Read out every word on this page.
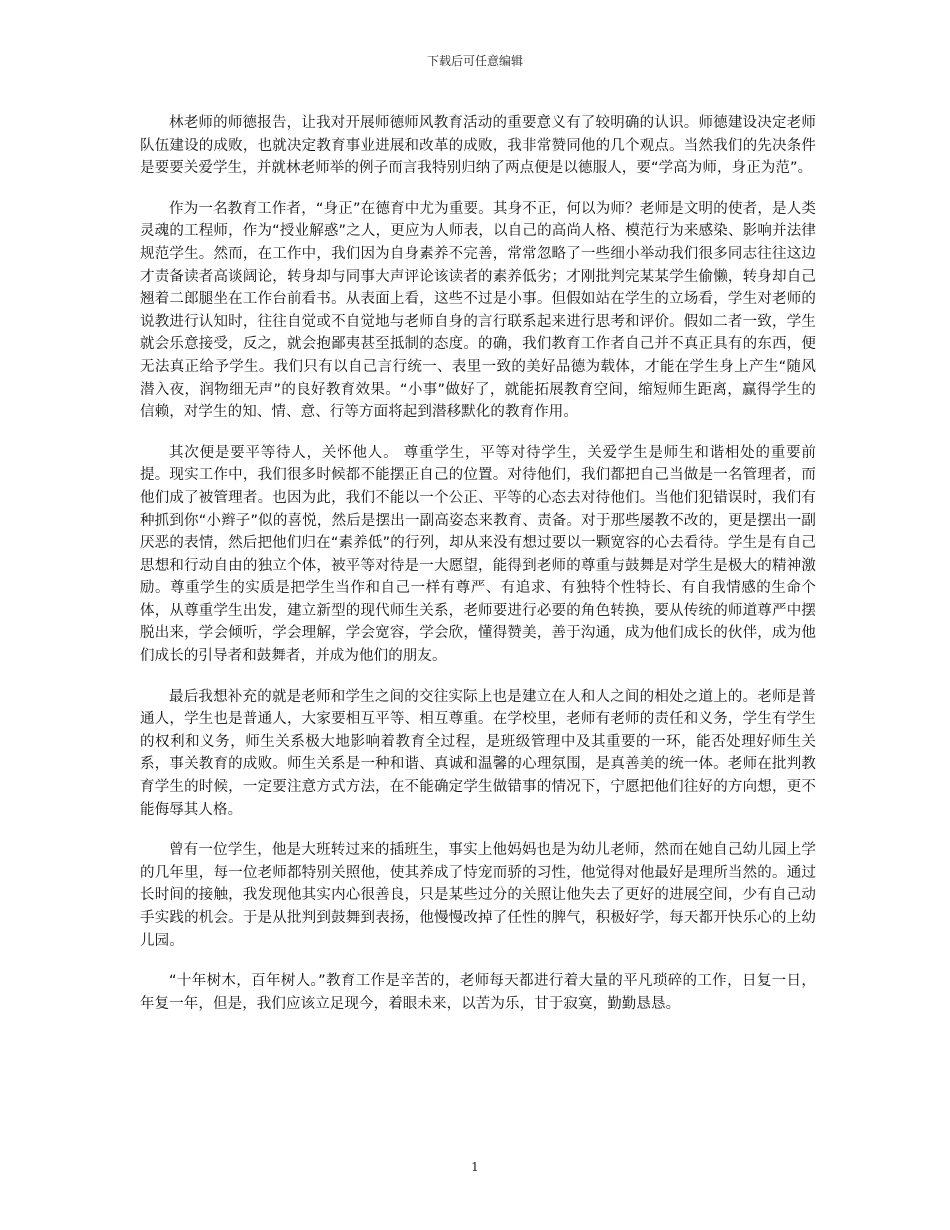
下载后可任意编辑

林老师的师德报告，让我对开展师德师风教育活动的重要意义有了较明确的认识。师德建设决定老师队伍建设的成败，也就决定教育事业进展和改革的成败，我非常赞同他的几个观点。当然我们的先决条件是要要关爱学生，并就林老师举的例子而言我特别归纳了两点便是以德服人，要“学高为师，身正为范”。

作为一名教育工作者，“身正”在德育中尤为重要。其身不正，何以为师？老师是文明的使者，是人类灵魂的工程师，作为“授业解惑”之人，更应为人师表，以自己的高尚人格、模范行为来感染、影响并法律规范学生。然而，在工作中，我们因为自身素养不完善，常常忽略了一些细小举动我们很多同志往往这边才责备读者高谈阔论，转身却与同事大声评论该读者的素养低劣；才刚批判完某某学生偷懒，转身却自己翘着二郎腿坐在工作台前看书。从表面上看，这些不过是小事。但假如站在学生的立场看，学生对老师的说教进行认知时，往往自觉或不自觉地与老师自身的言行联系起来进行思考和评价。假如二者一致，学生就会乐意接受，反之，就会抱鄙夷甚至抵制的态度。的确，我们教育工作者自己并不真正具有的东西，便无法真正给予学生。我们只有以自己言行统一、表里一致的美好品德为载体，才能在学生身上产生“随风潜入夜，润物细无声”的良好教育效果。“小事”做好了，就能拓展教育空间，缩短师生距离，赢得学生的信赖，对学生的知、情、意、行等方面将起到潜移默化的教育作用。

其次便是要平等待人，关怀他人。 尊重学生，平等对待学生，关爱学生是师生和谐相处的重要前提。现实工作中，我们很多时候都不能摆正自己的位置。对待他们，我们都把自己当做是一名管理者，而他们成了被管理者。也因为此，我们不能以一个公正、平等的心态去对待他们。当他们犯错误时，我们有种抓到你“小辫子”似的喜悦，然后是摆出一副高姿态来教育、责备。对于那些屡教不改的，更是摆出一副厌恶的表情，然后把他们归在“素养低”的行列，却从来没有想过要以一颗宽容的心去看待。学生是有自己思想和行动自由的独立个体，被平等对待是一大愿望，能得到老师的尊重与鼓舞是对学生是极大的精神激励。尊重学生的实质是把学生当作和自己一样有尊严、有追求、有独特个性特长、有自我情感的生命个体，从尊重学生出发，建立新型的现代师生关系，老师要进行必要的角色转换，要从传统的师道尊严中摆脱出来，学会倾听，学会理解，学会宽容，学会欣，懂得赞美，善于沟通，成为他们成长的伙伴，成为他们成长的引导者和鼓舞者，并成为他们的朋友。

最后我想补充的就是老师和学生之间的交往实际上也是建立在人和人之间的相处之道上的。老师是普通人，学生也是普通人，大家要相互平等、相互尊重。在学校里，老师有老师的责任和义务，学生有学生的权利和义务，师生关系极大地影响着教育全过程，是班级管理中及其重要的一环，能否处理好师生关系，事关教育的成败。师生关系是一种和谐、真诚和温馨的心理氛围，是真善美的统一体。老师在批判教育学生的时候，一定要注意方式方法，在不能确定学生做错事的情况下，宁愿把他们往好的方向想，更不能侮辱其人格。

曾有一位学生，他是大班转过来的插班生，事实上他妈妈也是为幼儿老师，然而在她自己幼儿园上学的几年里，每一位老师都特别关照他，使其养成了恃宠而骄的习性，他觉得对他最好是理所当然的。通过长时间的接触，我发现他其实内心很善良，只是某些过分的关照让他失去了更好的进展空间，少有自己动手实践的机会。于是从批判到鼓舞到表扬，他慢慢改掉了任性的脾气，积极好学，每天都开快乐心的上幼儿园。

“十年树木，百年树人。”教育工作是辛苦的，老师每天都进行着大量的平凡琐碎的工作，日复一日，年复一年，但是，我们应该立足现今，着眼未来，以苦为乐，甘于寂寞，勤勤恳恳。

1
